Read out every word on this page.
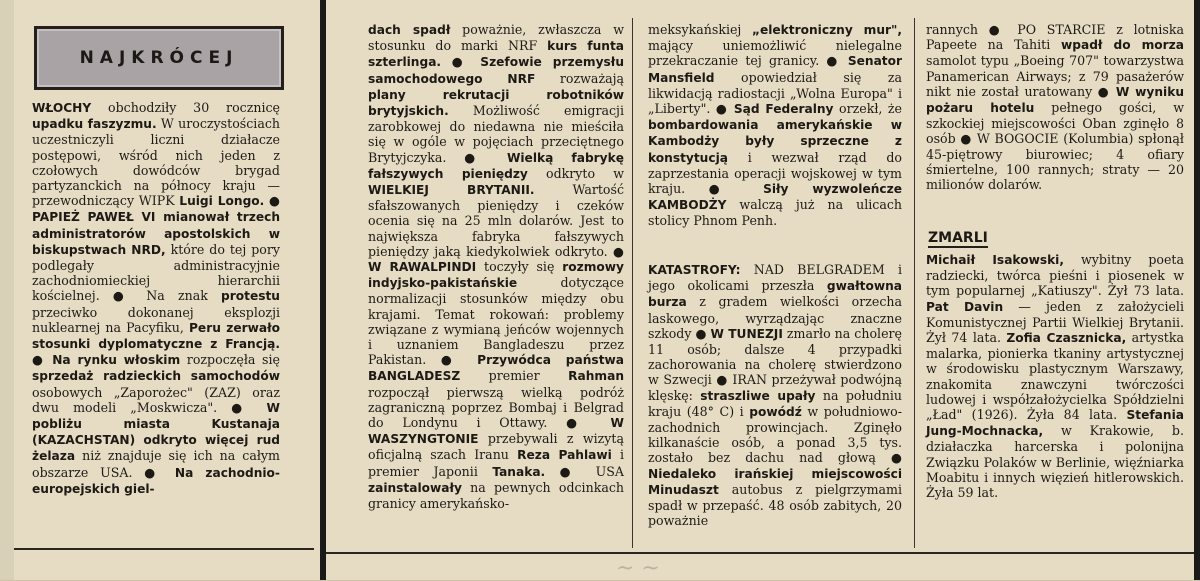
NAJKRÓCEJ
WŁOCHY obchodziły 30 rocznicę upadku faszyzmu. W uroczystościach uczestniczyli liczni działacze postępowi, wśród nich jeden z czołowych dowódców brygad partyzanckich na północy kraju — przewodniczący WIPK Luigi Longo. ● PAPIEŻ PAWEŁ VI mianował trzech administratorów apostolskich w biskupstwach NRD, które do tej pory podlegały administracyjnie zachodniomieckiej hierarchii kościelnej. ● Na znak protestu przeciwko dokonanej eksplozji nuklearnej na Pacyfiku, Peru zerwało stosunki dyplomatyczne z Francją. ● Na rynku włoskim rozpoczęła się sprzedaż radzieckich samochodów osobowych „Zaporożec" (ZAZ) oraz dwu modeli „Moskwicza". ● W pobliżu miasta Kustanaja (KAZACHSTAN) odkryto więcej rud żelaza niż znajduje się ich na całym obszarze USA. ● Na zachodnio-europejskich giel-
dach spadł poważnie, zwłaszcza w stosunku do marki NRF kurs funta szterlinga. ● Szefowie przemysłu samochodowego NRF rozważają plany rekrutacji robotników brytyjskich. Możliwość emigracji zarobkowej do niedawna nie mieściła się w ogóle w pojęciach przeciętnego Brytyjczyka. ● Wielką fabrykę fałszywych pieniędzy odkryto w WIELKIEJ BRYTANII. Wartość sfałszowanych pieniędzy i czeków ocenia się na 25 mln dolarów. Jest to największa fabryka fałszywych pieniędzy jaką kiedykolwiek odkryto. ● W RAWALPINDI toczyły się rozmowy indyjsko-pakistańskie dotyczące normalizacji stosunków między obu krajami. Temat rokowań: problemy związane z wymianą jeńców wojennych i uznaniem Bangladeszu przez Pakistan. ● Przywódca państwa BANGLADESZ premier Rahman rozpoczął pierwszą wielką podróż zagraniczną poprzez Bombaj i Belgrad do Londynu i Ottawy. ● W WASZYNGTONIE przebywali z wizytą oficjalną szach Iranu Reza Pahlawi i premier Japonii Tanaka. ● USA zainstalowały na pewnych odcinkach granicy amerykańsko-
meksykańskiej „elektroniczny mur", mający uniemożliwić nielegalne przekraczanie tej granicy. ● Senator Mansfield opowiedział się za likwidacją radiostacji „Wolna Europa" i „Liberty". ● Sąd Federalny orzekł, że bombardowania amerykańskie w Kambodży były sprzeczne z konstytucją i wezwał rząd do zaprzestania operacji wojskowej w tym kraju. ● Siły wyzwoleńcze KAMBODŻY walczą już na ulicach stolicy Phnom Penh.
KATASTROFY: NAD BELGRADEM i jego okolicami przeszła gwałtowna burza z gradem wielkości orzecha laskowego, wyrządzając znaczne szkody ● W TUNEZJI zmarło na cholerę 11 osób; dalsze 4 przypadki zachorowania na cholerę stwierdzono w Szwecji ● IRAN przeżywał podwójną klęskę: straszliwe upały na południu kraju (48° C) i powódź w południowo-zachodnich prowincjach. Zginęło kilkanaście osób, a ponad 3,5 tys. zostało bez dachu nad głową ● Niedaleko irańskiej miejscowości Minudaszt autobus z pielgrzymami spadł w przepaść. 48 osób zabitych, 20 poważnie
rannych ● PO STARCIE z lotniska Papeete na Tahiti wpadł do morza samolot typu „Boeing 707" towarzystwa Panamerican Airways; z 79 pasażerów nikt nie został uratowany ● W wyniku pożaru hotelu pełnego gości, w szkockiej miejscowości Oban zginęło 8 osób ● W BOGOCIE (Kolumbia) spłonął 45-piętrowy biurowiec; 4 ofiary śmiertelne, 100 rannych; straty — 20 milionów dolarów.
ZMARLI
Michaił Isakowski, wybitny poeta radziecki, twórca pieśni i piosenek w tym popularnej „Katiuszy". Żył 73 lata. Pat Davin — jeden z założycieli Komunistycznej Partii Wielkiej Brytanii. Żył 74 lata. Zofia Czasznicka, artystka malarka, pionierka tkaniny artystycznej w środowisku plastycznym Warszawy, znakomita znawczyni twórczości ludowej i współzałożycielka Spółdzielni „Ład" (1926). Żyła 84 lata. Stefania Jung-Mochnacka, w Krakowie, b. działaczka harcerska i polonijna Związku Polaków w Berlinie, więźniarka Moabitu i innych więzień hitlerowskich. Żyła 59 lat.
~ ~
